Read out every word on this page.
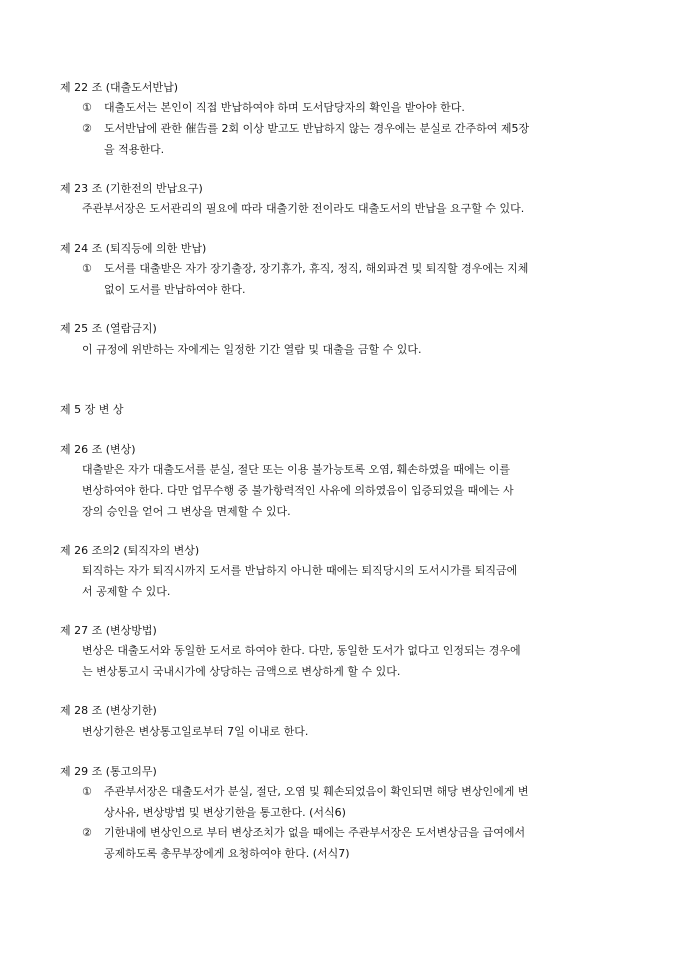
제 22 조 (대출도서반납)
① 대출도서는 본인이 직접 반납하여야 하며 도서담당자의 확인을 받아야 한다.
② 도서반납에 관한 催告를 2회 이상 받고도 반납하지 않는 경우에는 분실로 간주하여 제5장
을 적용한다.
제 23 조 (기한전의 반납요구)
주관부서장은 도서관리의 필요에 따라 대출기한 전이라도 대출도서의 반납을 요구할 수 있다.
제 24 조 (퇴직등에 의한 반납)
① 도서를 대출받은 자가 장기출장, 장기휴가, 휴직, 정직, 해외파견 및 퇴직할 경우에는 지체
없이 도서를 반납하여야 한다.
제 25 조 (열람금지)
이 규정에 위반하는 자에게는 일정한 기간 열람 및 대출을 금할 수 있다.
제 5 장 변 상
제 26 조 (변상)
대출받은 자가 대출도서를 분실, 절단 또는 이용 불가능토록 오염, 훼손하였을 때에는 이를
변상하여야 한다. 다만 업무수행 중 불가항력적인 사유에 의하였음이 입증되었을 때에는 사
장의 승인을 얻어 그 변상을 면제할 수 있다.
제 26 조의2 (퇴직자의 변상)
퇴직하는 자가 퇴직시까지 도서를 반납하지 아니한 때에는 퇴직당시의 도서시가를 퇴직금에
서 공제할 수 있다.
제 27 조 (변상방법)
변상은 대출도서와 동일한 도서로 하여야 한다. 다만, 동일한 도서가 없다고 인정되는 경우에
는 변상통고시 국내시가에 상당하는 금액으로 변상하게 할 수 있다.
제 28 조 (변상기한)
변상기한은 변상통고일로부터 7일 이내로 한다.
제 29 조 (통고의무)
① 주관부서장은 대출도서가 분실, 절단, 오염 및 훼손되었음이 확인되면 해당 변상인에게 변
상사유, 변상방법 및 변상기한을 통고한다. (서식6)
② 기한내에 변상인으로 부터 변상조치가 없을 때에는 주관부서장은 도서변상금을 급여에서
공제하도록 총무부장에게 요청하여야 한다. (서식7)
